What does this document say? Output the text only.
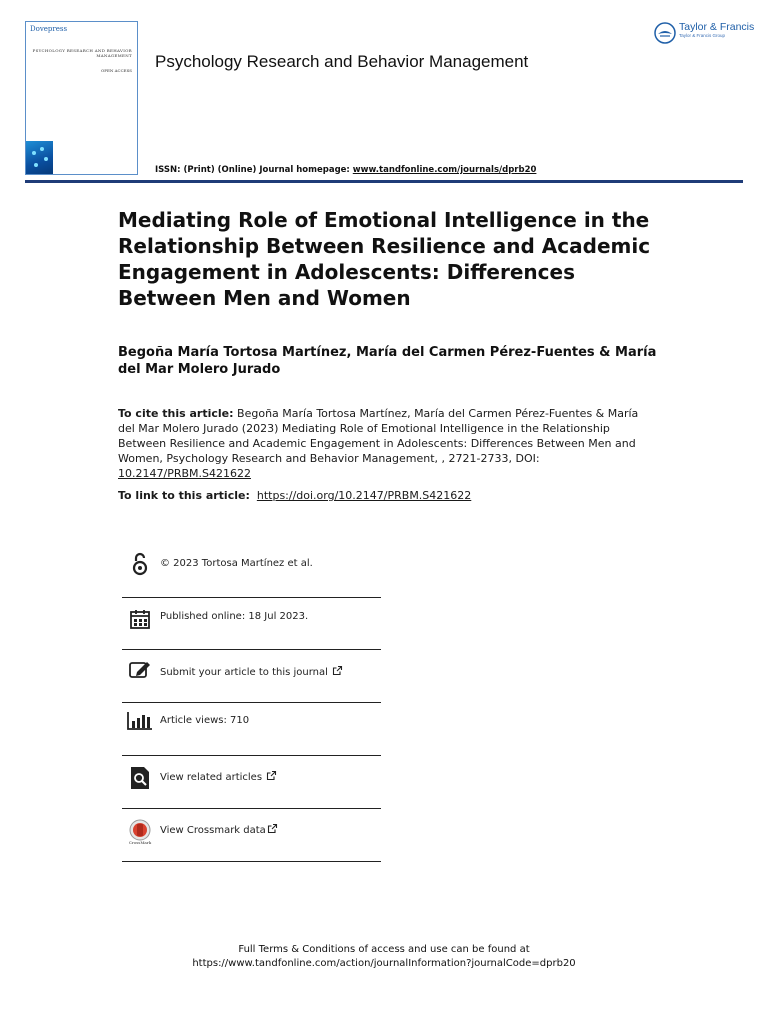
Dovepress
PSYCHOLOGY RESEARCH AND BEHAVIOR MANAGEMENT
OPEN ACCESS Psychology Research and Behavior Management
ISSN: (Print) (Online) Journal homepage: www.tandfonline.com/journals/dprb20
Taylor & Francis
Taylor & Francis Group
Mediating Role of Emotional Intelligence in the Relationship Between Resilience and Academic Engagement in Adolescents: Differences Between Men and Women
Begoña María Tortosa Martínez, María del Carmen Pérez-Fuentes & María del Mar Molero Jurado
To cite this article: Begoña María Tortosa Martínez, María del Carmen Pérez-Fuentes & María del Mar Molero Jurado (2023) Mediating Role of Emotional Intelligence in the Relationship Between Resilience and Academic Engagement in Adolescents: Differences Between Men and Women, Psychology Research and Behavior Management, , 2721-2733, DOI: 10.2147/PRBM.S421622
To link to this article: https://doi.org/10.2147/PRBM.S421622
© 2023 Tortosa Martínez et al.
Published online: 18 Jul 2023.
Submit your article to this journal
Article views: 710
View related articles
CrossMark
View Crossmark data
Full Terms & Conditions of access and use can be found at
https://www.tandfonline.com/action/journalInformation?journalCode=dprb20
